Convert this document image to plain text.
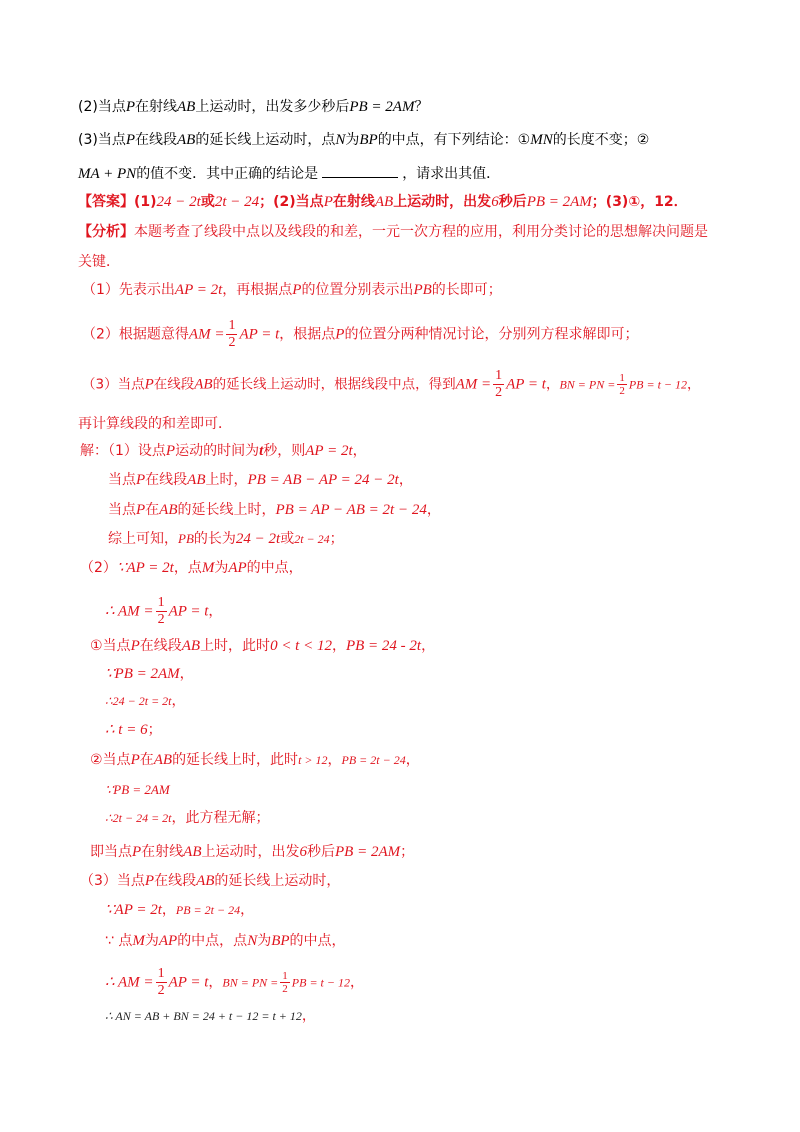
(2)当点P在射线AB上运动时，出发多少秒后PB = 2AM？
(3)当点P在线段AB的延长线上运动时，点N为BP的中点，有下列结论：①MN的长度不变；②
MA + PN的值不变．其中正确的结论是	，请求出其值．
【答案】(1)24 − 2t或2t − 24；(2)当点P在射线AB上运动时，出发6秒后PB = 2AM；(3)①，12．
【分析】本题考查了线段中点以及线段的和差，一元一次方程的应用，利用分类讨论的思想解决问题是
关键．
（1）先表示出AP = 2t，再根据点P的位置分别表示出PB的长即可；
（2）根据题意得AM = $\frac{1}{2}$ AP = t，根据点P的位置分两种情况讨论，分别列方程求解即可；
（3）当点P在线段AB的延长线上运动时，根据线段中点，得到AM = $\frac{1}{2}$ AP = t，BN = PN = $\frac{1}{2}$ PB = t − 12，
再计算线段的和差即可．
解：（1）设点P运动的时间为t秒，则AP = 2t，
当点P在线段AB上时，PB = AB − AP = 24 − 2t，
当点P在AB的延长线上时，PB = AP − AB = 2t − 24，
综上可知，PB的长为24 − 2t或2t − 24；
（2）∵AP = 2t，点M为AP的中点，
∴ AM = $\frac{1}{2}$ AP = t，
①当点P在线段AB上时，此时0 < t < 12，PB = 24 - 2t，
∵PB = 2AM，
∴24 − 2t = 2t，
∴ t = 6；
②当点P在AB的延长线上时，此时t > 12，PB = 2t − 24，
∵PB = 2AM
∴2t − 24 = 2t，此方程无解；
即当点P在射线AB上运动时，出发6秒后PB = 2AM；
（3）当点P在线段AB的延长线上运动时，
∵AP = 2t，PB = 2t − 24，
∵ 点M为AP的中点，点N为BP的中点，
∴ AM = $\frac{1}{2}$ AP = t，BN = PN = $\frac{1}{2}$ PB = t − 12，
∴ AN = AB + BN = 24 + t − 12 = t + 12，
